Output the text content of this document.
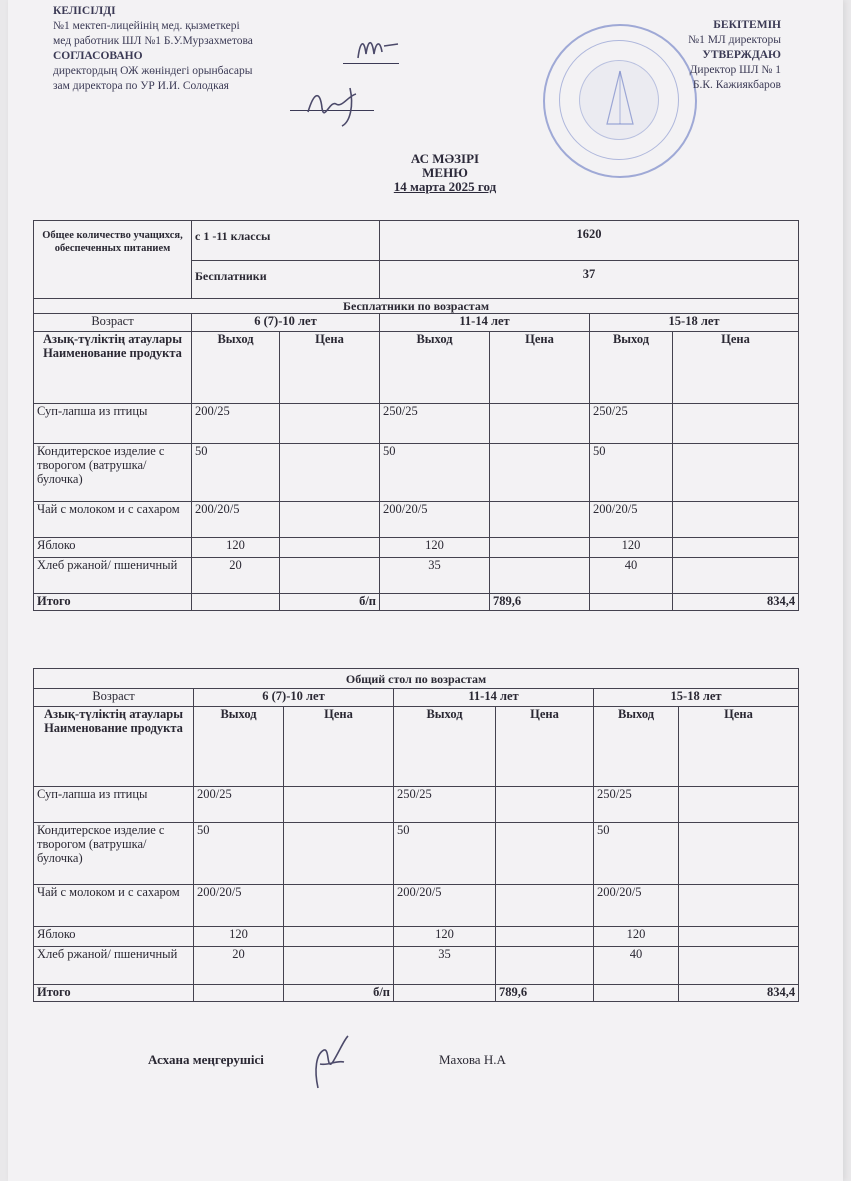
КЕЛІСІЛДІ
№1 мектеп-лицейінің мед. қызметкері
мед работник ШЛ №1 Б.У.Мурзахметова
СОГЛАСОВАНО
директордың ОЖ жөніндегі орынбасары
зам директора по УР И.И. Солодкая
БЕКІТЕМІН
№1 МЛ директоры
УТВЕРЖДАЮ
Директор ШЛ № 1
Б.К. Кажиякбаров
АС МӘЗІРІ
МЕНЮ
14 марта 2025 год
Общее количество учащихся, обеспеченных питанием	с 1 -11 классы	1620
	Бесплатники	37
Бесплатники по возрастам						
Возраст	6 (7)-10 лет		11-14 лет		15-18 лет	
Азық-түліктің атаулары Наименование продукта	Выход	Цена	Выход	Цена	Выход	Цена
Суп-лапша из птицы	200/25		250/25		250/25	
Кондитерское изделие с творогом (ватрушка/булочка)	50		50		50	
Чай с молоком и с сахаром	200/20/5		200/20/5		200/20/5	
Яблоко	120		120		120	
Хлеб ржаной/ пшеничный	20		35		40	
Итого		б/п		789,6		834,4
Общий стол по возрастам						
Возраст	6 (7)-10 лет		11-14 лет		15-18 лет	
Азық-түліктің атаулары Наименование продукта	Выход	Цена	Выход	Цена	Выход	Цена
Суп-лапша из птицы	200/25		250/25		250/25	
Кондитерское изделие с творогом (ватрушка/булочка)	50		50		50	
Чай с молоком и с сахаром	200/20/5		200/20/5		200/20/5	
Яблоко	120		120		120	
Хлеб ржаной/ пшеничный	20		35		40	
Итого		б/п		789,6		834,4
Асхана меңгерушісі	Махова Н.А
